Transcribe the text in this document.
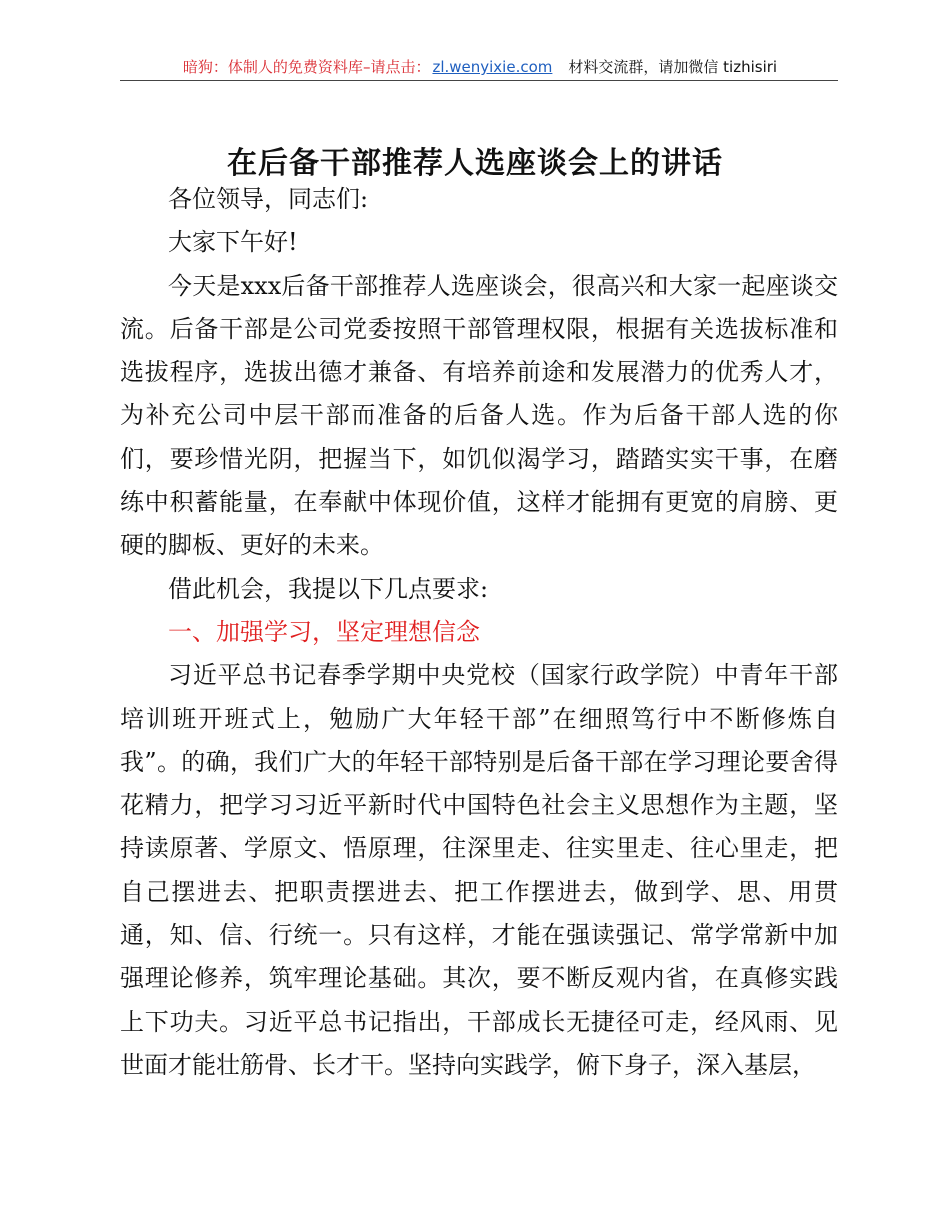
暗狗：体制人的免费资料库–请点击： zl.wenyixie.com 材料交流群，请加微信 tizhisiri
在后备干部推荐人选座谈会上的讲话

各位领导，同志们:

大家下午好!

今天是xxx后备干部推荐人选座谈会，很高兴和大家一起座谈交流。后备干部是公司党委按照干部管理权限，根据有关选拔标准和选拔程序，选拔出德才兼备、有培养前途和发展潜力的优秀人才，为补充公司中层干部而准备的后备人选。作为后备干部人选的你们，要珍惜光阴，把握当下，如饥似渴学习，踏踏实实干事，在磨练中积蓄能量，在奉献中体现价值，这样才能拥有更宽的肩膀、更硬的脚板、更好的未来。

借此机会，我提以下几点要求:

一、加强学习，坚定理想信念

习近平总书记春季学期中央党校（国家行政学院）中青年干部培训班开班式上，勉励广大年轻干部”在细照笃行中不断修炼自我”。的确，我们广大的年轻干部特别是后备干部在学习理论要舍得花精力，把学习习近平新时代中国特色社会主义思想作为主题，坚持读原著、学原文、悟原理，往深里走、往实里走、往心里走，把自己摆进去、把职责摆进去、把工作摆进去，做到学、思、用贯通，知、信、行统一。只有这样，才能在强读强记、常学常新中加强理论修养，筑牢理论基础。其次，要不断反观内省，在真修实践上下功夫。习近平总书记指出，干部成长无捷径可走，经风雨、见世面才能壮筋骨、长才干。坚持向实践学，俯下身子，深入基层，
